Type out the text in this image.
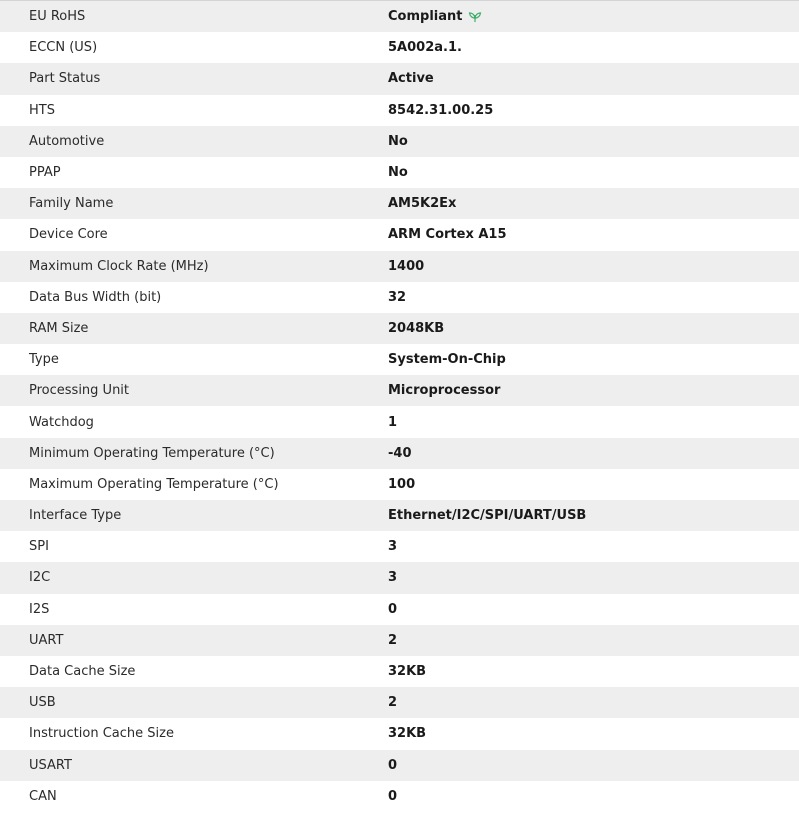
EU RoHS	Compliant
ECCN (US)	5A002a.1.
Part Status	Active
HTS	8542.31.00.25
Automotive	No
PPAP	No
Family Name	AM5K2Ex
Device Core	ARM Cortex A15
Maximum Clock Rate (MHz)	1400
Data Bus Width (bit)	32
RAM Size	2048KB
Type	System-On-Chip
Processing Unit	Microprocessor
Watchdog	1
Minimum Operating Temperature (°C)	-40
Maximum Operating Temperature (°C)	100
Interface Type	Ethernet/I2C/SPI/UART/USB
SPI	3
I2C	3
I2S	0
UART	2
Data Cache Size	32KB
USB	2
Instruction Cache Size	32KB
USART	0
CAN	0
